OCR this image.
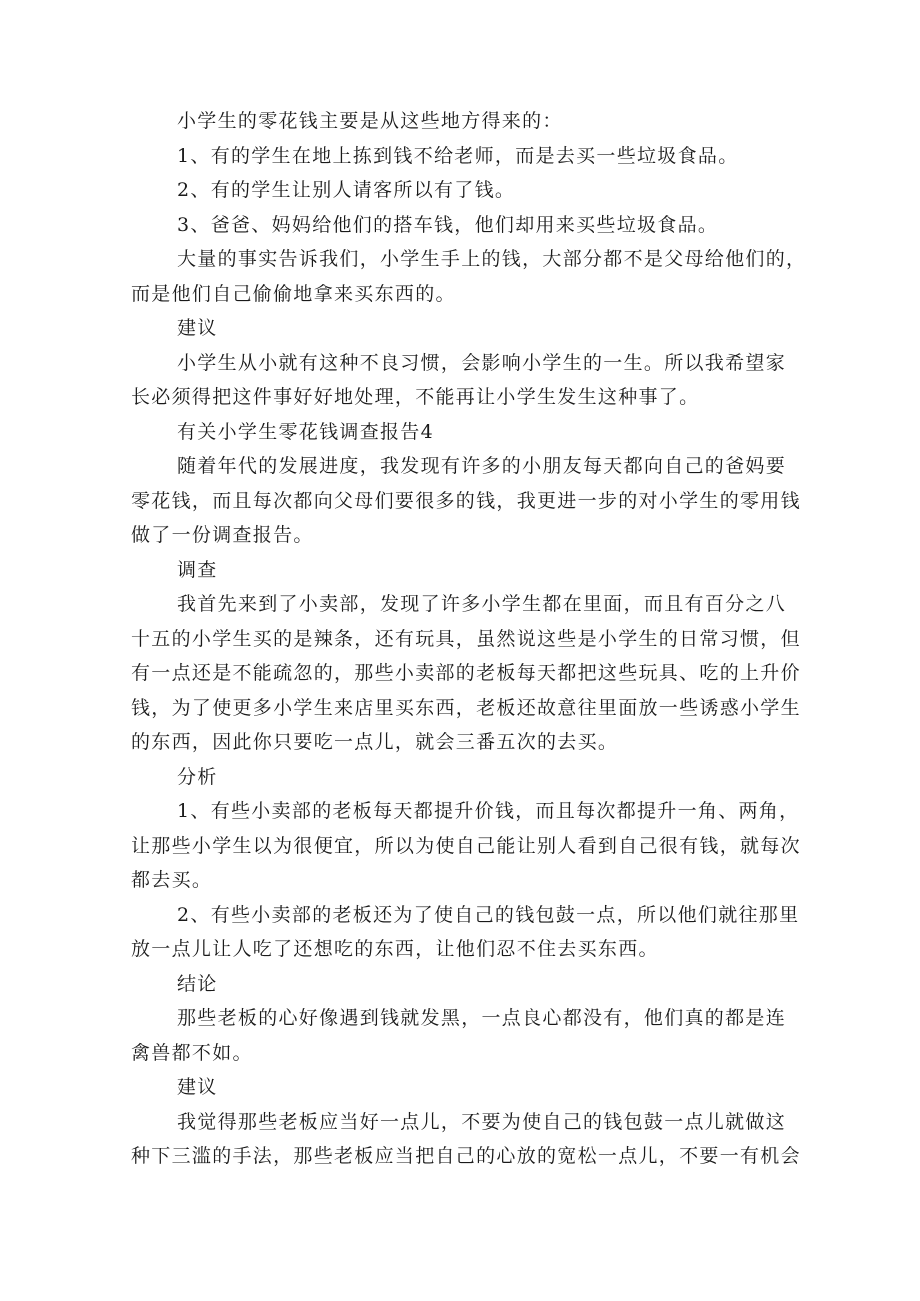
小学生的零花钱主要是从这些地方得来的：
1、有的学生在地上拣到钱不给老师，而是去买一些垃圾食品。
2、有的学生让别人请客所以有了钱。
3、爸爸、妈妈给他们的搭车钱，他们却用来买些垃圾食品。
大量的事实告诉我们，小学生手上的钱，大部分都不是父母给他们的，
而是他们自己偷偷地拿来买东西的。
建议
小学生从小就有这种不良习惯，会影响小学生的一生。所以我希望家
长必须得把这件事好好地处理，不能再让小学生发生这种事了。
有关小学生零花钱调查报告4
随着年代的发展进度，我发现有许多的小朋友每天都向自己的爸妈要
零花钱，而且每次都向父母们要很多的钱，我更进一步的对小学生的零用钱
做了一份调查报告。
调查
我首先来到了小卖部，发现了许多小学生都在里面，而且有百分之八
十五的小学生买的是辣条，还有玩具，虽然说这些是小学生的日常习惯，但
有一点还是不能疏忽的，那些小卖部的老板每天都把这些玩具、吃的上升价
钱，为了使更多小学生来店里买东西，老板还故意往里面放一些诱惑小学生
的东西，因此你只要吃一点儿，就会三番五次的去买。
分析
1、有些小卖部的老板每天都提升价钱，而且每次都提升一角、两角，
让那些小学生以为很便宜，所以为使自己能让别人看到自己很有钱，就每次
都去买。
2、有些小卖部的老板还为了使自己的钱包鼓一点，所以他们就往那里
放一点儿让人吃了还想吃的东西，让他们忍不住去买东西。
结论
那些老板的心好像遇到钱就发黑，一点良心都没有，他们真的都是连
禽兽都不如。
建议
我觉得那些老板应当好一点儿，不要为使自己的钱包鼓一点儿就做这
种下三滥的手法，那些老板应当把自己的心放的宽松一点儿，不要一有机会
